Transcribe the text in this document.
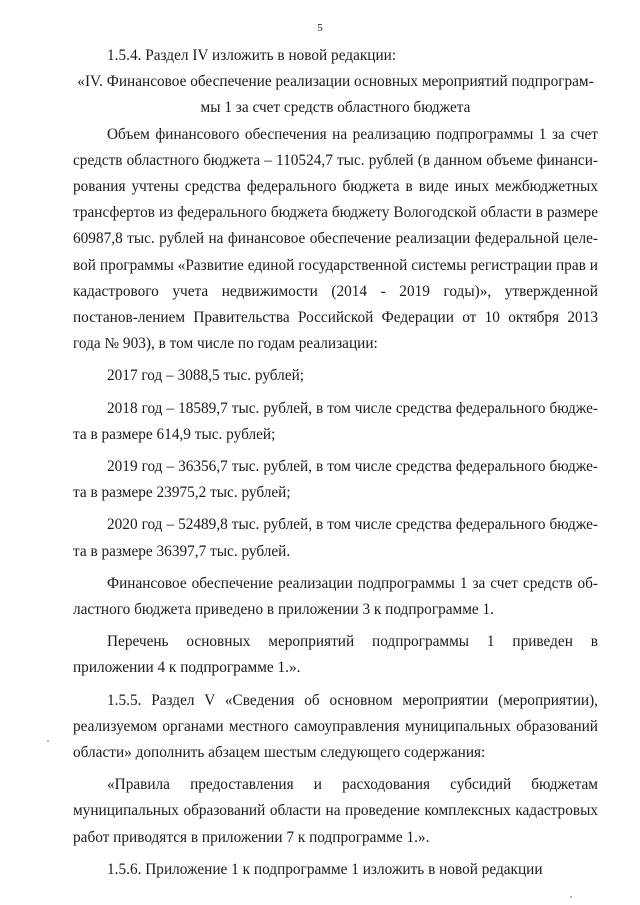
5

1.5.4. Раздел IV изложить в новой редакции:

«IV. Финансовое обеспечение реализации основных мероприятий подпрограм-
мы 1 за счет средств областного бюджета

Объем финансового обеспечения на реализацию подпрограммы 1 за счет средств областного бюджета – 110524,7 тыс. рублей (в данном объеме финанси-рования учтены средства федерального бюджета в виде иных межбюджетных трансфертов из федерального бюджета бюджету Вологодской области в размере 60987,8 тыс. рублей на финансовое обеспечение реализации федеральной целе-вой программы «Развитие единой государственной системы регистрации прав и кадастрового учета недвижимости (2014 - 2019 годы)», утвержденной постанов-лением Правительства Российской Федерации от 10 октября 2013 года № 903), в том числе по годам реализации:

2017 год – 3088,5 тыс. рублей;

2018 год – 18589,7 тыс. рублей, в том числе средства федерального бюдже-та в размере 614,9 тыс. рублей;

2019 год – 36356,7 тыс. рублей, в том числе средства федерального бюдже-та в размере 23975,2 тыс. рублей;

2020 год – 52489,8 тыс. рублей, в том числе средства федерального бюдже-та в размере 36397,7 тыс. рублей.

Финансовое обеспечение реализации подпрограммы 1 за счет средств об-ластного бюджета приведено в приложении 3 к подпрограмме 1.

Перечень основных мероприятий подпрограммы 1 приведен в приложении 4 к подпрограмме 1.».

1.5.5. Раздел V «Сведения об основном мероприятии (мероприятии), реализуемом органами местного самоуправления муниципальных образований области» дополнить абзацем шестым следующего содержания:

«Правила предоставления и расходования субсидий бюджетам муниципальных образований области на проведение комплексных кадастровых работ приводятся в приложении 7 к подпрограмме 1.».

1.5.6. Приложение 1 к подпрограмме 1 изложить в новой редакции
